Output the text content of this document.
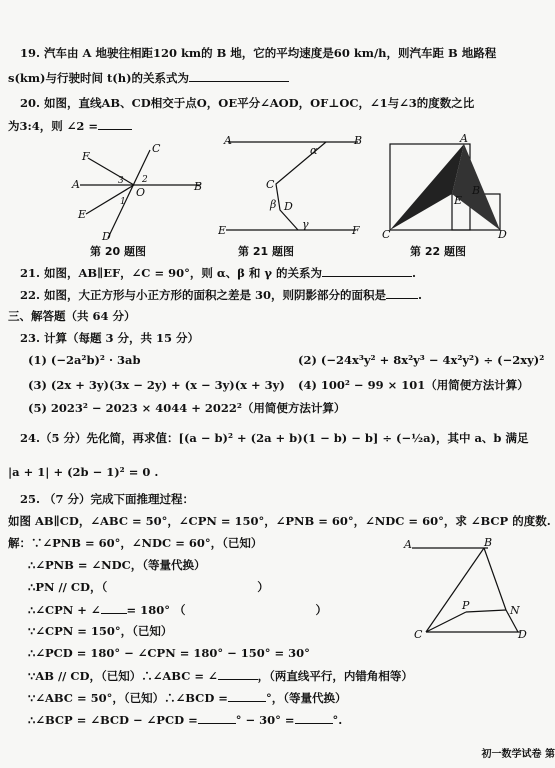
19. 汽车由 A 地驶往相距120 km的 B 地，它的平均速度是60 km/h，则汽车距 B 地路程
s(km)与行驶时间 t(h)的关系式为
20. 如图，直线AB、CD相交于点O，OE平分∠AOD，OF⊥OC，∠1与∠3的度数之比
为3:4，则 ∠2 =
F
A
E
D
B
C
O
1
2
3
A	B
C
D
E	F
α
β
γ
A
B
C	D
E
第 20 题图	第 21 题图	第 22 题图
21. 如图，AB∥EF，∠C = 90°，则 α、β 和 γ 的关系为	.
22. 如图，大正方形与小正方形的面积之差是 30，则阴影部分的面积是	.
三、解答题（共 64 分）
23. 计算（每题 3 分，共 15 分）
(1) (−2a²b)² · 3ab	(2) (−24x³y² + 8x²y³ − 4x²y²) ÷ (−2xy)²
(3) (2x + 3y)(3x − 2y) + (x − 3y)(x + 3y) (4) 100² − 99 × 101（用简便方法计算）
(5) 2023² − 2023 × 4044 + 2022²（用简便方法计算）
24.（5 分）先化简，再求值：[(a − b)² + (2a + b)(1 − b) − b] ÷ (−½a)，其中 a、b 满足
|a + 1| + (2b − 1)² = 0 .
25. （7 分）完成下面推理过程：
如图 AB∥CD，∠ABC = 50°，∠CPN = 150°，∠PNB = 60°，∠NDC = 60°，求 ∠BCP 的度数.
解：∵∠PNB = 60°，∠NDC = 60°，（已知）
∴∠PNB = ∠NDC，（等量代换）
∴PN // CD，（	）
∴∠CPN + ∠ = 180° （	）
∵∠CPN = 150°，（已知）
∴∠PCD = 180° − ∠CPN = 180° − 150° = 30°
∵AB // CD，（已知）∴∠ABC = ∠	，（两直线平行，内错角相等）
∵∠ABC = 50°，（已知）∴∠BCD =	°，（等量代换）
∴∠BCP = ∠BCD − ∠PCD =	° − 30° =	°.
A	B
C	D
P	N
初一数学试卷 第
